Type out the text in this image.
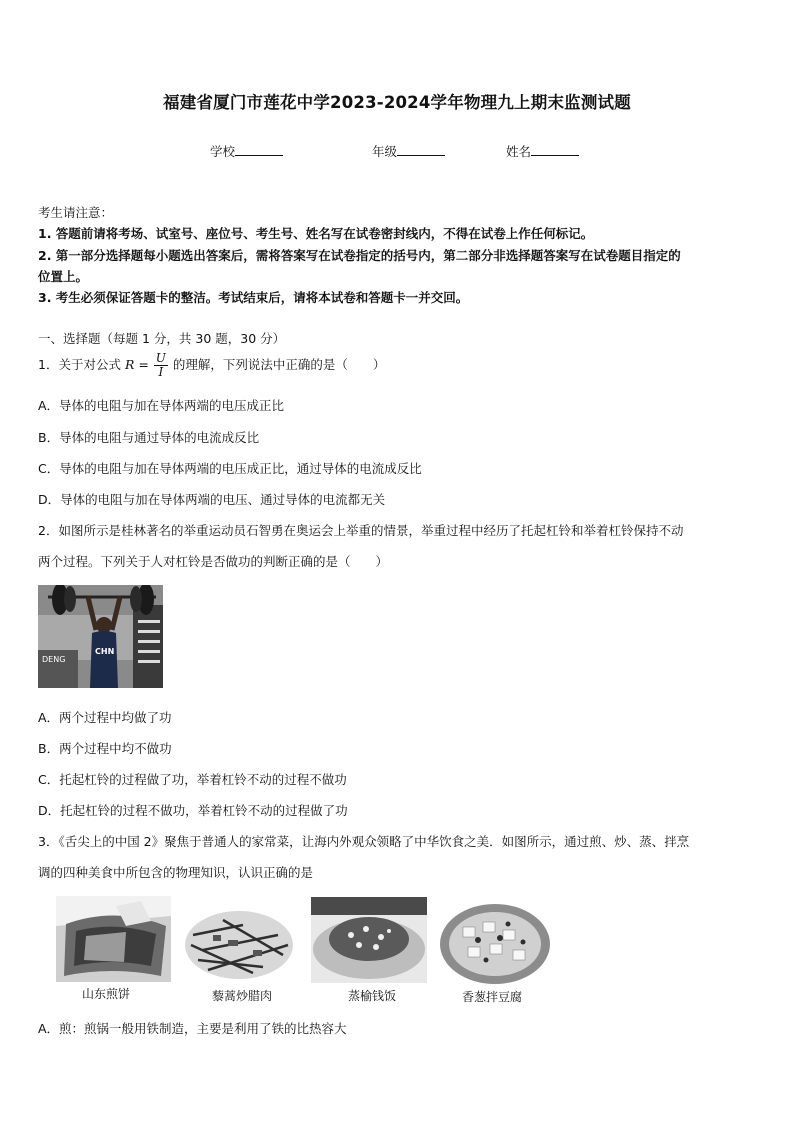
福建省厦门市莲花中学2023-2024学年物理九上期末监测试题
学校	年级	姓名
考生请注意：
1. 答题前请将考场、试室号、座位号、考生号、姓名写在试卷密封线内，不得在试卷上作任何标记。
2. 第一部分选择题每小题选出答案后，需将答案写在试卷指定的括号内，第二部分非选择题答案写在试卷题目指定的
位置上。
3. 考生必须保证答题卡的整洁。考试结束后，请将本试卷和答题卡一并交回。
一、选择题（每题 1 分，共 30 题，30 分）
1．关于对公式 $R = \frac{U}{I}$ 的理解，下列说法中正确的是（　　）
A．导体的电阻与加在导体两端的电压成正比
B．导体的电阻与通过导体的电流成反比
C．导体的电阻与加在导体两端的电压成正比，通过导体的电流成反比
D．导体的电阻与加在导体两端的电压、通过导体的电流都无关
2．如图所示是桂林著名的举重运动员石智勇在奥运会上举重的情景，举重过程中经历了托起杠铃和举着杠铃保持不动
两个过程。下列关于人对杠铃是否做功的判断正确的是（　　）
DENG
CHN
A．两个过程中均做了功
B．两个过程中均不做功
C．托起杠铃的过程做了功，举着杠铃不动的过程不做功
D．托起杠铃的过程不做功，举着杠铃不动的过程做了功
3．《舌尖上的中国 2》聚焦于普通人的家常菜，让海内外观众领略了中华饮食之美．如图所示，通过煎、炒、蒸、拌烹
调的四种美食中所包含的物理知识，认识正确的是
山东煎饼	藜蒿炒腊肉	蒸榆钱饭	香葱拌豆腐
A．煎：煎锅一般用铁制造，主要是利用了铁的比热容大
